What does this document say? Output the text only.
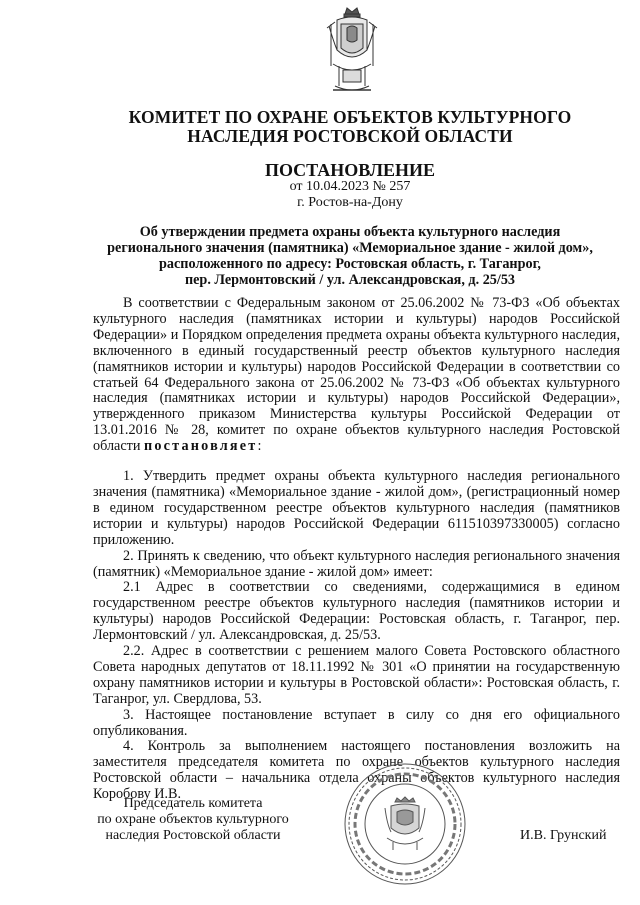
КОМИТЕТ ПО ОХРАНЕ ОБЪЕКТОВ КУЛЬТУРНОГО
НАСЛЕДИЯ РОСТОВСКОЙ ОБЛАСТИ
ПОСТАНОВЛЕНИЕ
от 10.04.2023 № 257
г. Ростов-на-Дону
Об утверждении предмета охраны объекта культурного наследия
регионального значения (памятника) «Мемориальное здание - жилой дом»,
расположенного по адресу: Ростовская область, г. Таганрог,
пер. Лермонтовский / ул. Александровская, д. 25/53

В соответствии с Федеральным законом от 25.06.2002 № 73-ФЗ «Об объектах культурного наследия (памятниках истории и культуры) народов Российской Федерации» и Порядком определения предмета охраны объекта культурного наследия, включенного в единый государственный реестр объектов культурного наследия (памятников истории и культуры) народов Российской Федерации в соответствии со статьей 64 Федерального закона от 25.06.2002 № 73-ФЗ «Об объектах культурного наследия (памятниках истории и культуры) народов Российской Федерации», утвержденного приказом Министерства культуры Российской Федерации от 13.01.2016 № 28, комитет по охране объектов культурного наследия Ростовской области постановляет:

1. Утвердить предмет охраны объекта культурного наследия регионального значения (памятника) «Мемориальное здание - жилой дом», (регистрационный номер в едином государственном реестре объектов культурного наследия (памятников истории и культуры) народов Российской Федерации 611510397330005) согласно приложению.

2. Принять к сведению, что объект культурного наследия регионального значения (памятник) «Мемориальное здание - жилой дом» имеет:

2.1 Адрес в соответствии со сведениями, содержащимися в едином государственном реестре объектов культурного наследия (памятников истории и культуры) народов Российской Федерации: Ростовская область, г. Таганрог, пер. Лермонтовский / ул. Александровская, д. 25/53.

2.2. Адрес в соответствии с решением малого Совета Ростовского областного Совета народных депутатов от 18.11.1992 № 301 «О принятии на государственную охрану памятников истории и культуры в Ростовской области»: Ростовская область, г. Таганрог, ул. Свердлова, 53.

3. Настоящее постановление вступает в силу со дня его официального опубликования.

4. Контроль за выполнением настоящего постановления возложить на заместителя председателя комитета по охране объектов культурного наследия Ростовской области – начальника отдела охраны объектов культурного наследия Коробову И.В.

Председатель комитета
по охране объектов культурного
наследия Ростовской области	И.В. Грунский
